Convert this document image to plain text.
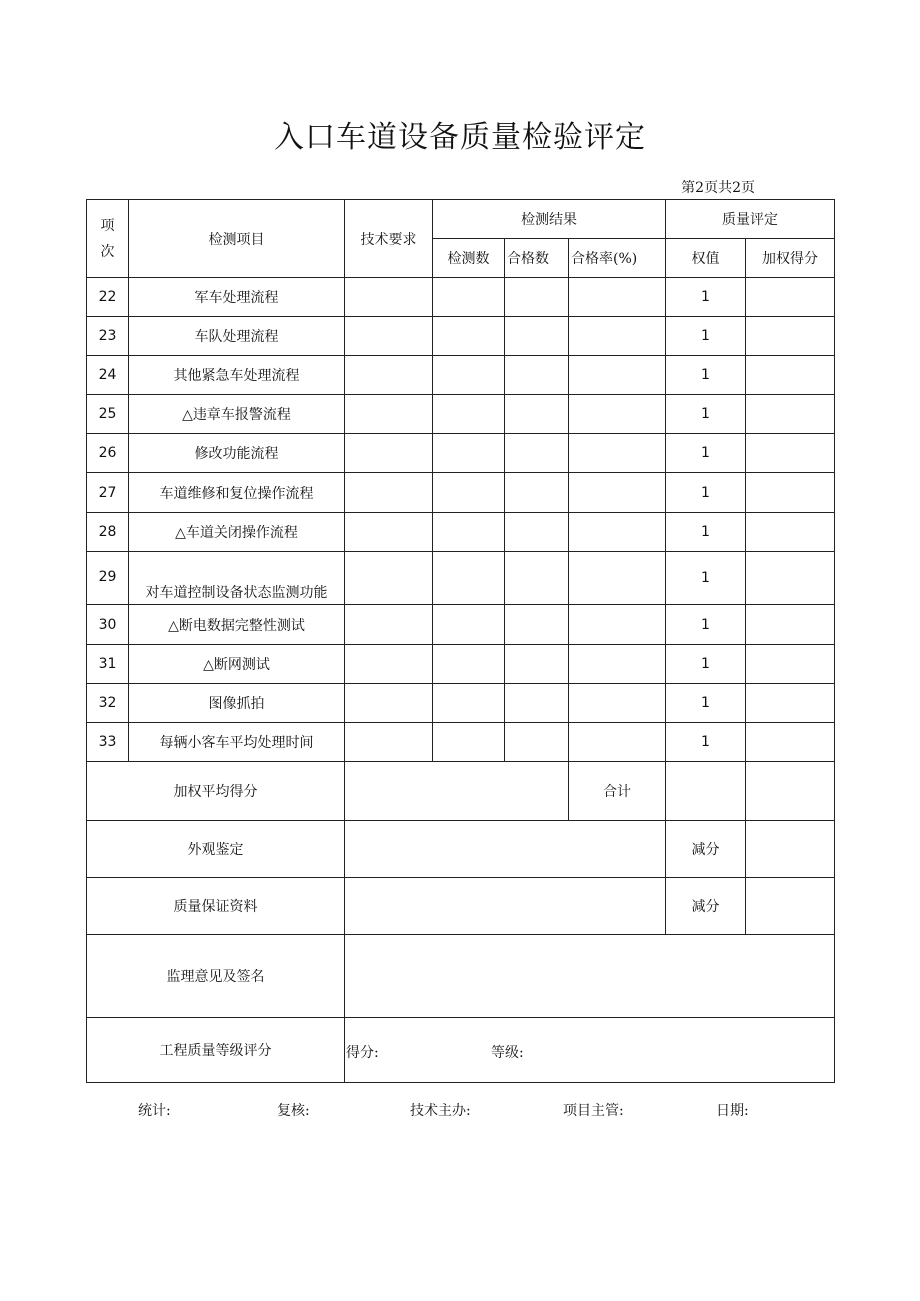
入口车道设备质量检验评定
第2页共2页
项
次	检测项目	技术要求	检测结果			质量评定	
			检测数	合格数	合格率(%)	权值	加权得分
22	军车处理流程					1	
23	车队处理流程					1	
24	其他紧急车处理流程					1	
25	△违章车报警流程					1	
26	修改功能流程					1	
27	车道维修和复位操作流程					1	
28	△车道关闭操作流程					1	
29	对车道控制设备状态监测功能					1	
30	△断电数据完整性测试					1	
31	△断网测试					1	
32	图像抓拍					1	
33	每辆小客车平均处理时间					1	
加权平均得分					合计		
外观鉴定						减分	
质量保证资料						减分	
监理意见及签名							
工程质量等级评分		得分: 等级:					
统计:	复核:	技术主办:	项目主管:	日期:
